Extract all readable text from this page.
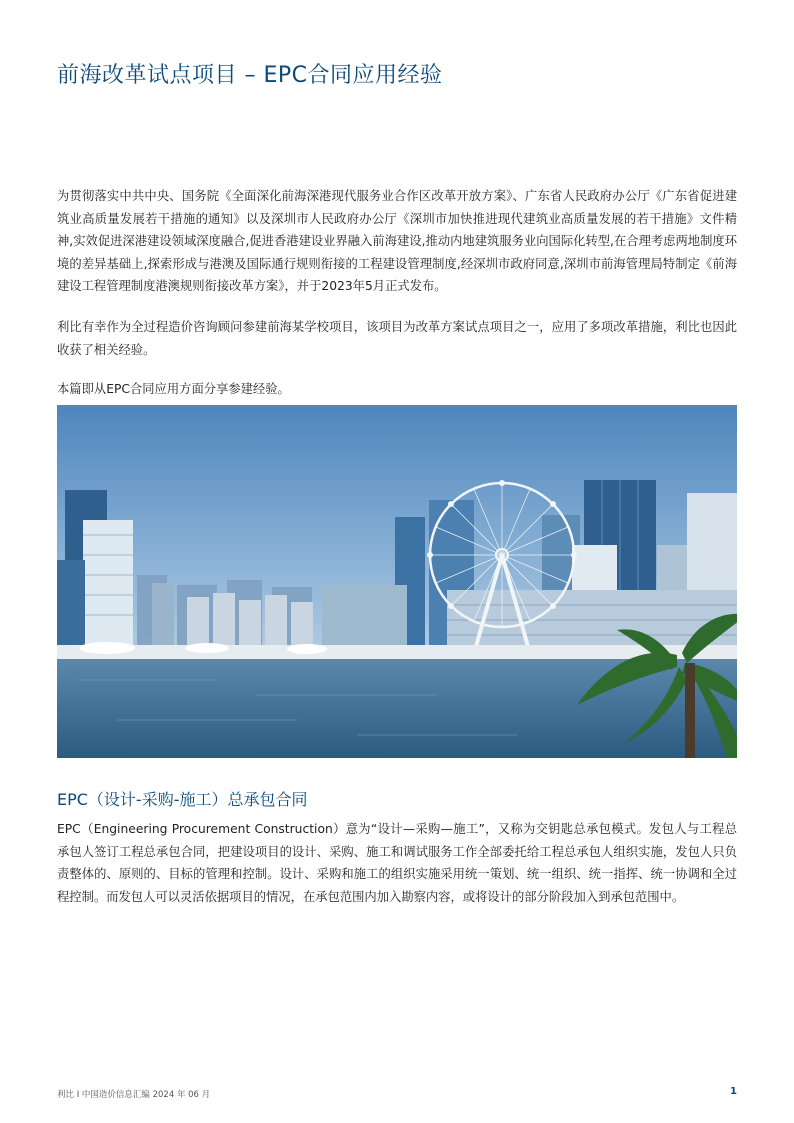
前海改革试点项目 – EPC合同应用经验

为贯彻落实中共中央、国务院《全面深化前海深港现代服务业合作区改革开放方案》、广东省人民政府办公厅《广东省促进建筑业高质量发展若干措施的通知》以及深圳市人民政府办公厅《深圳市加快推进现代建筑业高质量发展的若干措施》文件精神,实效促进深港建设领域深度融合,促进香港建设业界融入前海建设,推动内地建筑服务业向国际化转型,在合理考虑两地制度环境的差异基础上,探索形成与港澳及国际通行规则衔接的工程建设管理制度,经深圳市政府同意,深圳市前海管理局特制定《前海建设工程管理制度港澳规则衔接改革方案》，并于2023年5月正式发布。

利比有幸作为全过程造价咨询顾问参建前海某学校项目，该项目为改革方案试点项目之一，应用了多项改革措施，利比也因此收获了相关经验。

本篇即从EPC合同应用方面分享参建经验。

EPC（设计-采购-施工）总承包合同

EPC（Engineering Procurement Construction）意为“设计—采购—施工”，又称为交钥匙总承包模式。发包人与工程总承包人签订工程总承包合同，把建设项目的设计、采购、施工和调试服务工作全部委托给工程总承包人组织实施，发包人只负责整体的、原则的、目标的管理和控制。设计、采购和施工的组织实施采用统一策划、统一组织、统一指挥、统一协调和全过程控制。而发包人可以灵活依据项目的情况，在承包范围内加入勘察内容，或将设计的部分阶段加入到承包范围中。

利比 I 中国造价信息汇编 2024 年 06 月	1
